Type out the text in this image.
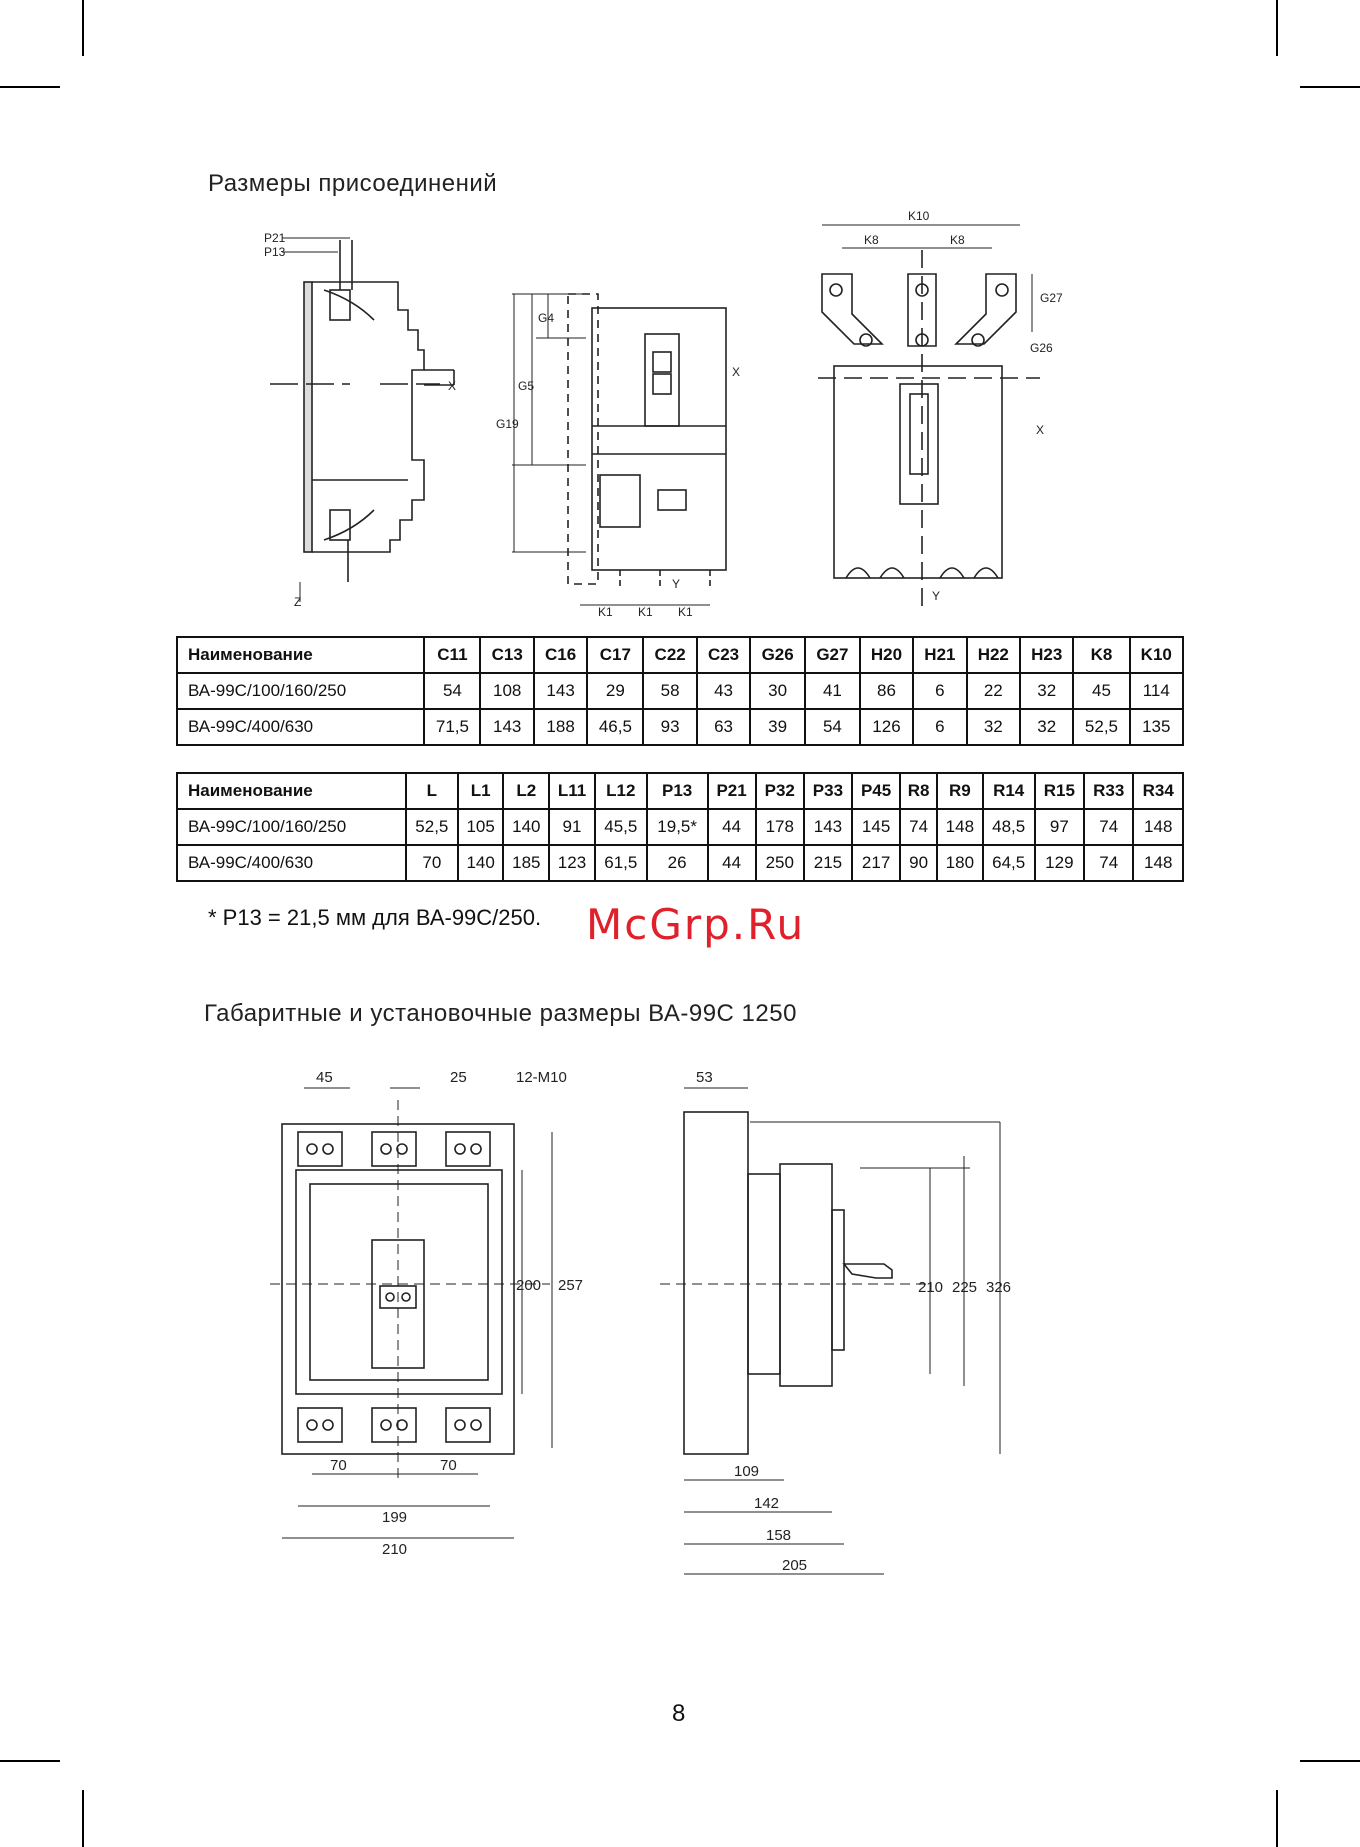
Размеры присоединений
P21
P13
X
Z
G4
G5
G19
X
Y
K1 K1 K1
K10
K8	K8
G27
G26
X
Y
Наименование	C11	C13	C16	C17	C22	C23	G26	G27	H20	H21	H22	H23	K8	K10
ВА-99С/100/160/250	54	108	143	29	58	43	30	41	86	6	22	32	45	114
ВА-99С/400/630	71,5	143	188	46,5	93	63	39	54	126	6	32	32	52,5	135
Наименование	L	L1	L2	L11	L12	P13	P21	P32	P33	P45	R8	R9	R14	R15	R33	R34
ВА-99С/100/160/250	52,5	105	140	91	45,5	19,5*	44	178	143	145	74	148	48,5	97	74	148
ВА-99С/400/630	70	140	185	123	61,5	26	44	250	215	217	90	180	64,5	129	74	148
* P13 = 21,5 мм для ВА-99С/250. McGrp.Ru
Габаритные и установочные размеры ВА-99С 1250
45	25	12-M10
200 257
70	70
199
210
53
210 225 326
109
142
158
205
8
